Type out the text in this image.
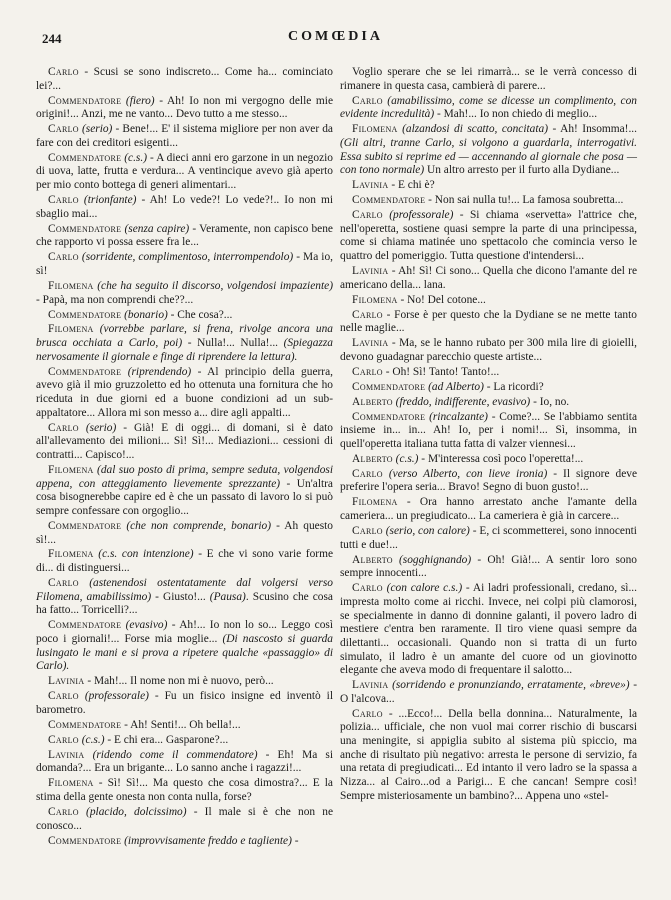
244	COMŒDIA

Carlo - Scusi se sono indiscreto... Come ha... cominciato lei?...

Commendatore (fiero) - Ah! Io non mi vergogno delle mie origini!... Anzi, me ne vanto... Devo tutto a me stesso...

Carlo (serio) - Bene!... E' il sistema migliore per non aver da fare con dei creditori esigenti...

Commendatore (c.s.) - A dieci anni ero garzone in un negozio di uova, latte, frutta e verdura... A ventincique avevo già aperto per mio conto bottega di generi alimentari...

Carlo (trionfante) - Ah! Lo vede?! Lo vede?!.. Io non mi sbaglio mai...

Commendatore (senza capire) - Veramente, non capisco bene che rapporto vi possa essere fra le...

Carlo (sorridente, complimentoso, interrompendolo) - Ma io, sì!

Filomena (che ha seguito il discorso, volgendosi impaziente) - Papà, ma non comprendi che??...

Commendatore (bonario) - Che cosa?...

Filomena (vorrebbe parlare, si frena, rivolge ancora una brusca occhiata a Carlo, poi) - Nulla!... Nulla!... (Spiegazza nervosamente il giornale e finge di riprendere la lettura).

Commendatore (riprendendo) - Al principio della guerra, avevo già il mio gruzzoletto ed ho ottenuta una fornitura che ho riceduta in due giorni ed a buone condizioni ad un sub-appaltatore... Allora mi son messo a... dire agli appalti...

Carlo (serio) - Già! E di oggi... di domani, si è dato all'allevamento dei milioni... Sì! Sì!... Mediazioni... cessioni di contratti... Capisco!...

Filomena (dal suo posto di prima, sempre seduta, volgendosi appena, con atteggiamento lievemente sprezzante) - Un'altra cosa bisognerebbe capire ed è che un passato di lavoro lo si può sempre confessare con orgoglio...

Commendatore (che non comprende, bonario) - Ah questo sì!...

Filomena (c.s. con intenzione) - E che vi sono varie forme di... di distinguersi...

Carlo (astenendosi ostentatamente dal volgersi verso Filomena, amabilissimo) - Giusto!... (Pausa). Scusino che cosa ha fatto... Torricelli?...

Commendatore (evasivo) - Ah!... Io non lo so... Leggo così poco i giornali!... Forse mia moglie... (Di nascosto si guarda lusingato le mani e si prova a ripetere qualche «passaggio» di Carlo).

Lavinia - Mah!... Il nome non mi è nuovo, però...

Carlo (professorale) - Fu un fisico insigne ed inventò il barometro.

Commendatore - Ah! Senti!... Oh bella!...

Carlo (c.s.) - E chi era... Gasparone?...

Lavinia (ridendo come il commendatore) - Eh! Ma si domanda?... Era un brigante... Lo sanno anche i ragazzi!...

Filomena - Sì! Sì!... Ma questo che cosa dimostra?... E la stima della gente onesta non conta nulla, forse?

Carlo (placido, dolcissimo) - Il male si è che non ne conosco...

Commendatore (improvvisamente freddo e tagliente) -

Voglio sperare che se lei rimarrà... se le verrà concesso di rimanere in questa casa, cambierà di parere...

Carlo (amabilissimo, come se dicesse un complimento, con evidente incredulità) - Mah!... Io non chiedo di meglio...

Filomena (alzandosi di scatto, concitata) - Ah! Insomma!... (Gli altri, tranne Carlo, si volgono a guardarla, interrogativi. Essa subito si reprime ed — accennando al giornale che posa — con tono normale) Un altro arresto per il furto alla Dydiane...

Lavinia - E chi è?

Commendatore - Non sai nulla tu!... La famosa soubretta...

Carlo (professorale) - Si chiama «servetta» l'attrice che, nell'operetta, sostiene quasi sempre la parte di una principessa, come si chiama matinée uno spettacolo che comincia verso le quattro del pomeriggio. Tutta questione d'intendersi...

Lavinia - Ah! Sì! Ci sono... Quella che dicono l'amante del re americano della... lana.

Filomena - No! Del cotone...

Carlo - Forse è per questo che la Dydiane se ne mette tanto nelle maglie...

Lavinia - Ma, se le hanno rubato per 300 mila lire di gioielli, devono guadagnar parecchio queste artiste...

Carlo - Oh! Sì! Tanto! Tanto!...

Commendatore (ad Alberto) - La ricordi?

Alberto (freddo, indifferente, evasivo) - Io, no.

Commendatore (rincalzante) - Come?... Se l'abbiamo sentita insieme in... in... Ah! Io, per i nomi!... Sì, insomma, in quell'operetta italiana tutta fatta di valzer viennesi...

Alberto (c.s.) - M'interessa così poco l'operetta!...

Carlo (verso Alberto, con lieve ironia) - Il signore deve preferire l'opera seria... Bravo! Segno di buon gusto!...

Filomena - Ora hanno arrestato anche l'amante della cameriera... un pregiudicato... La cameriera è già in carcere...

Carlo (serio, con calore) - E, ci scommetterei, sono innocenti tutti e due!...

Alberto (sogghignando) - Oh! Già!... A sentir loro sono sempre innocenti...

Carlo (con calore c.s.) - Ai ladri professionali, credano, sì... impresta molto come ai ricchi. Invece, nei colpi più clamorosi, se specialmente in danno di donnine galanti, il povero ladro di mestiere c'entra ben raramente. Il tiro viene quasi sempre da dilettanti... occasionali. Quando non si tratta di un furto simulato, il ladro è un amante del cuore od un giovinotto elegante che aveva modo di frequentare il salotto...

Lavinia (sorridendo e pronunziando, erratamente, «breve») - O l'alcova...

Carlo - ...Ecco!... Della bella donnina... Naturalmente, la polizia... ufficiale, che non vuol mai correr rischio di buscarsi una meningite, si appiglia subito al sistema più spiccio, ma anche di risultato più negativo: arresta le persone di servizio, fa una retata di pregiudicati... Ed intanto il vero ladro se la spassa a Nizza... al Cairo...od a Parigi... E che cancan! Sempre così! Sempre misteriosamente un bambino?... Appena uno «stel-
